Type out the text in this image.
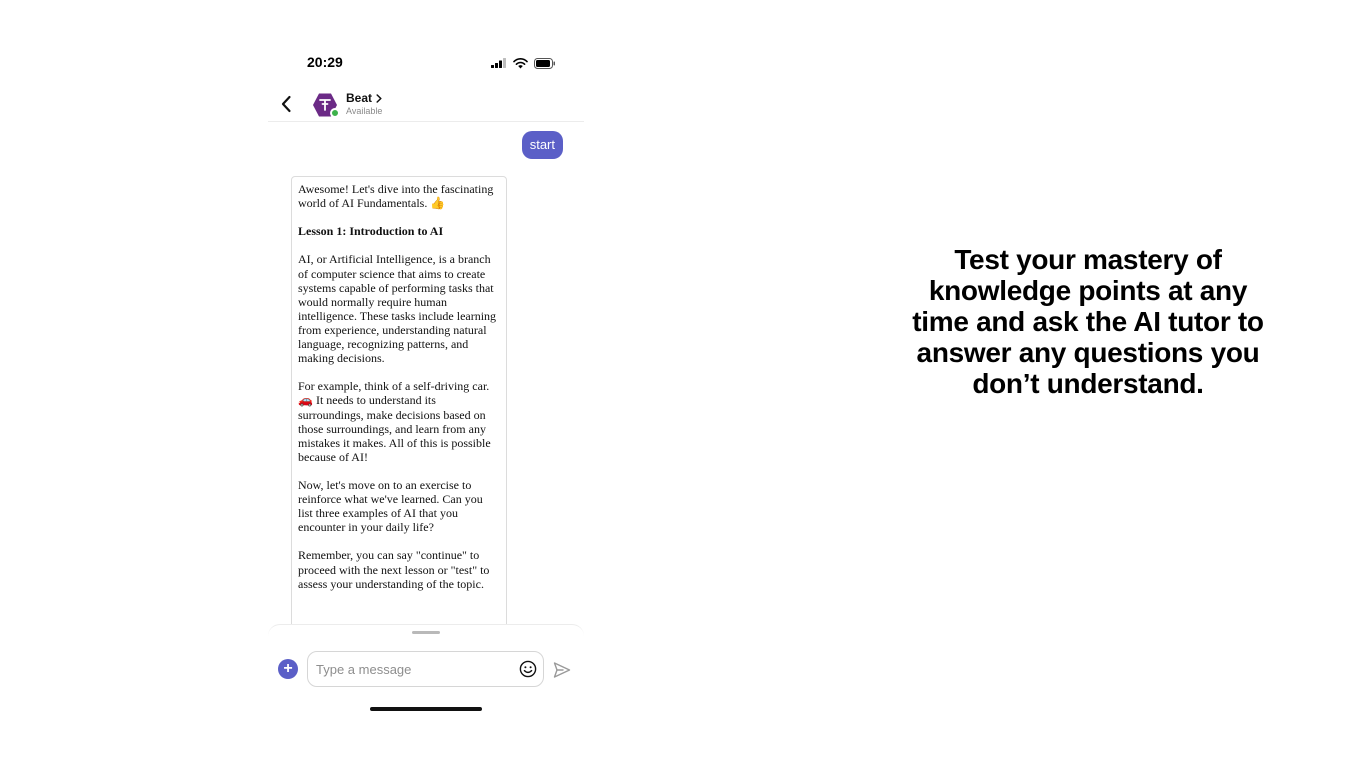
20:29
Beat
Available
start

Awesome! Let's dive into the fascinating world of AI Fundamentals. 👍

Lesson 1: Introduction to AI

AI, or Artificial Intelligence, is a branch of computer science that aims to create systems capable of performing tasks that would normally require human intelligence. These tasks include learning from experience, understanding natural language, recognizing patterns, and making decisions.

For example, think of a self-driving car. 🚗 It needs to understand its surroundings, make decisions based on those surroundings, and learn from any mistakes it makes. All of this is possible because of AI!

Now, let's move on to an exercise to reinforce what we've learned. Can you list three examples of AI that you encounter in your daily life?

Remember, you can say "continue" to proceed with the next lesson or "test" to assess your understanding of the topic.

+
Type a message
Test your mastery of knowledge points at any time and ask the AI tutor to answer any questions you don’t understand.
